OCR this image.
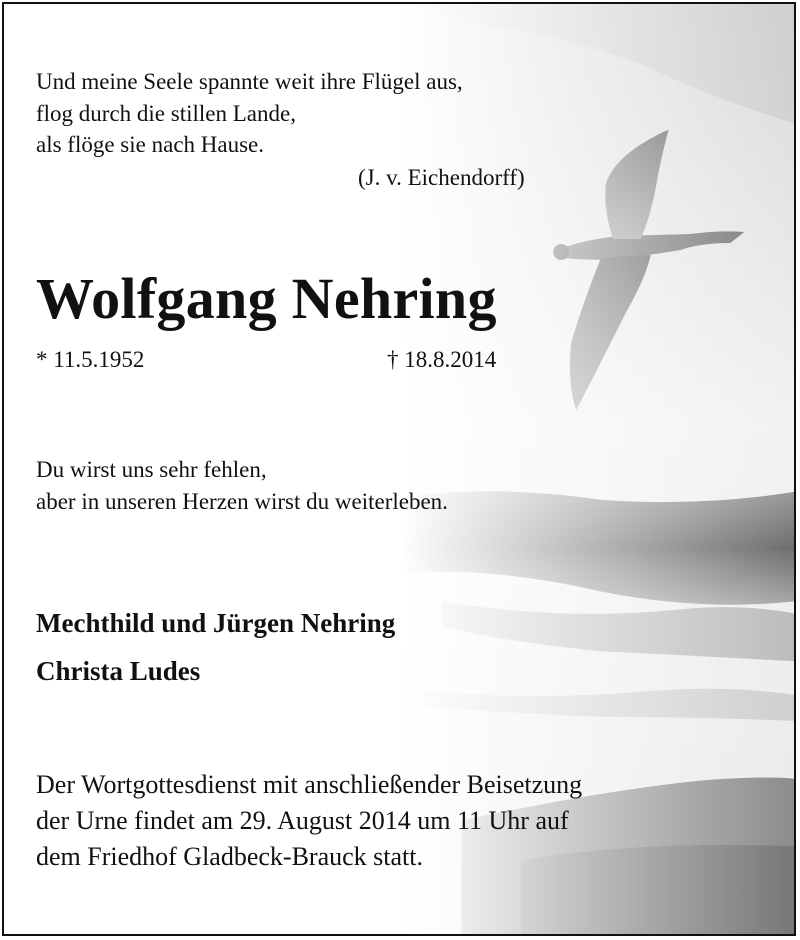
Und meine Seele spannte weit ihre Flügel aus,
flog durch die stillen Lande,
als flöge sie nach Hause.
(J. v. Eichendorff)
Wolfgang Nehring
* 11.5.1952	† 18.8.2014
Du wirst uns sehr fehlen,
aber in unseren Herzen wirst du weiterleben.
Mechthild und Jürgen Nehring
Christa Ludes
Der Wortgottesdienst mit anschließender Beisetzung
der Urne findet am 29. August 2014 um 11 Uhr auf
dem Friedhof Gladbeck-Brauck statt.
